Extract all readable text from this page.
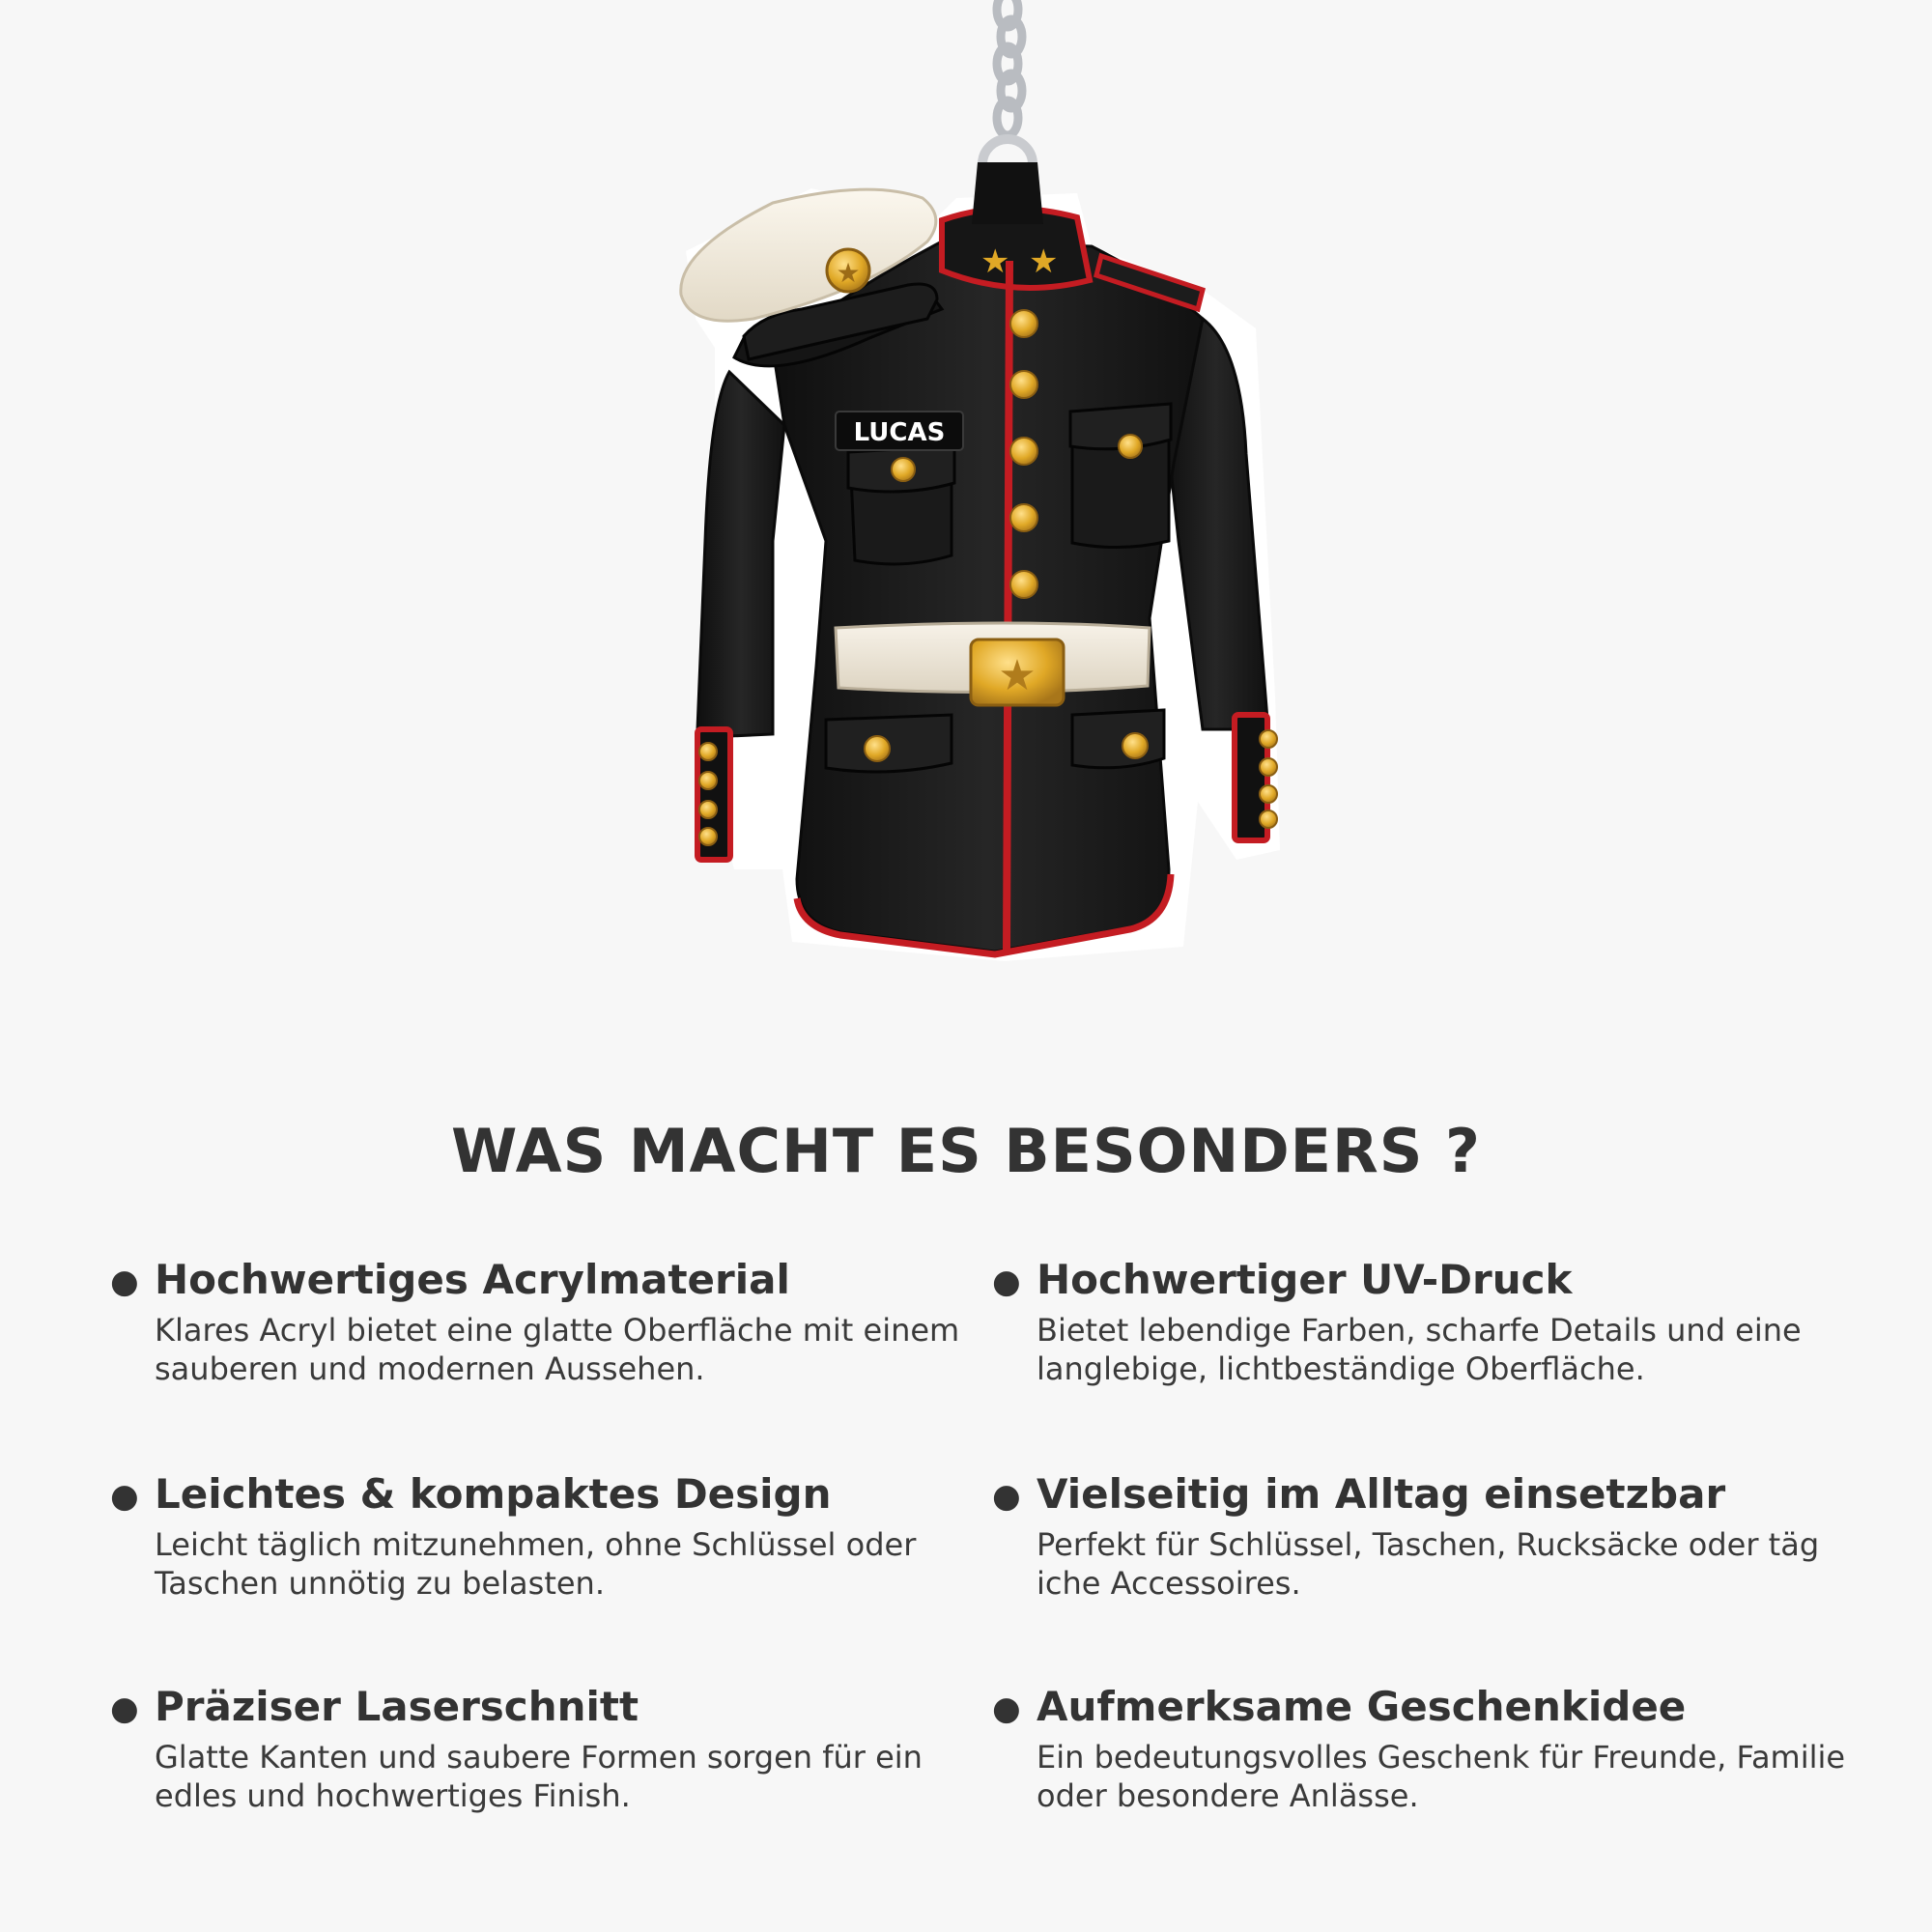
★ ★
LUCAS
★
★
WAS MACHT ES BESONDERS ?
● Hochwertiges Acrylmaterial

Klares Acryl bietet eine glatte Oberfläche mit einem sauberen und modernen Aussehen.

● Hochwertiger UV-Druck

Bietet lebendige Farben, scharfe Details und eine langlebige, lichtbeständige Oberfläche.

● Leichtes & kompaktes Design

Leicht täglich mitzunehmen, ohne Schlüssel oder Taschen unnötig zu belasten.

● Vielseitig im Alltag einsetzbar

Perfekt für Schlüssel, Taschen, Rucksäcke oder täg iche Accessoires.

● Präziser Laserschnitt

Glatte Kanten und saubere Formen sorgen für ein edles und hochwertiges Finish.

● Aufmerksame Geschenkidee

Ein bedeutungsvolles Geschenk für Freunde, Familie oder besondere Anlässe.
